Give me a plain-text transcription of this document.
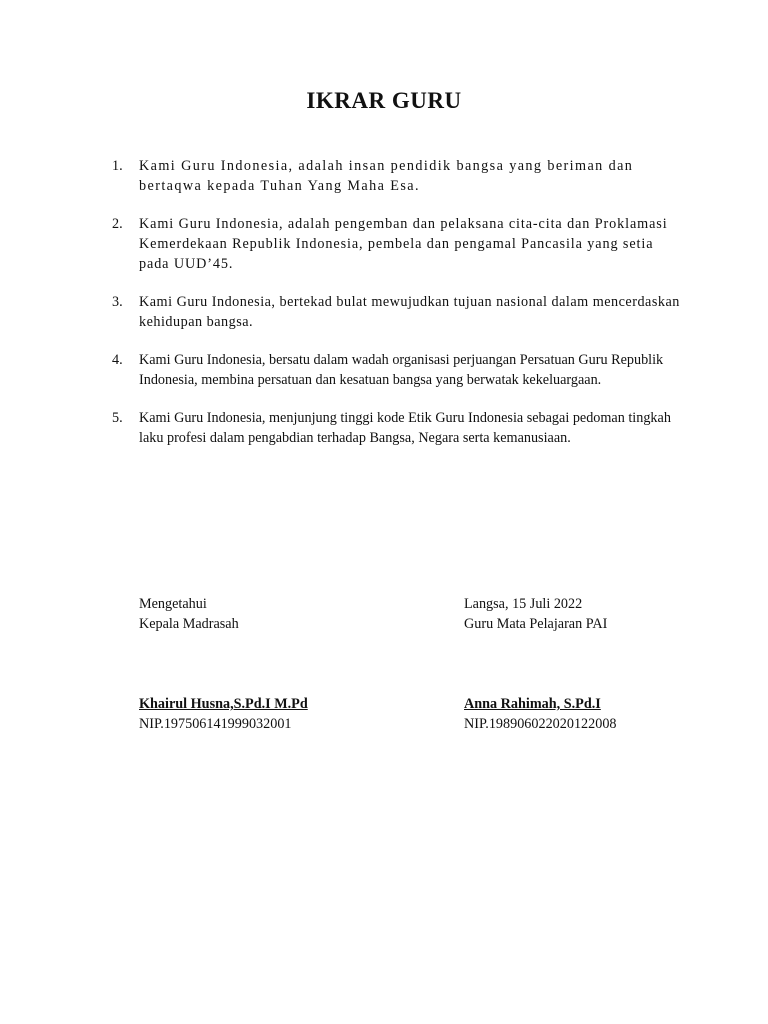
IKRAR GURU
1. Kami Guru Indonesia, adalah insan pendidik bangsa yang beriman dan bertaqwa kepada Tuhan Yang Maha Esa.
2. Kami Guru Indonesia, adalah pengemban dan pelaksana cita-cita dan Proklamasi Kemerdekaan Republik Indonesia, pembela dan pengamal Pancasila yang setia pada UUD’45.
3. Kami Guru Indonesia, bertekad bulat mewujudkan tujuan nasional dalam mencerdaskan kehidupan bangsa.
4. Kami Guru Indonesia, bersatu dalam wadah organisasi perjuangan Persatuan Guru Republik Indonesia, membina persatuan dan kesatuan bangsa yang berwatak kekeluargaan.
5. Kami Guru Indonesia, menjunjung tinggi kode Etik Guru Indonesia sebagai pedoman tingkah laku profesi dalam pengabdian terhadap Bangsa, Negara serta kemanusiaan.
Mengetahui
Kepala Madrasah
Khairul Husna,S.Pd.I M.Pd
NIP.197506141999032001
Langsa, 15 Juli 2022
Guru Mata Pelajaran PAI
Anna Rahimah, S.Pd.I
NIP.198906022020122008
